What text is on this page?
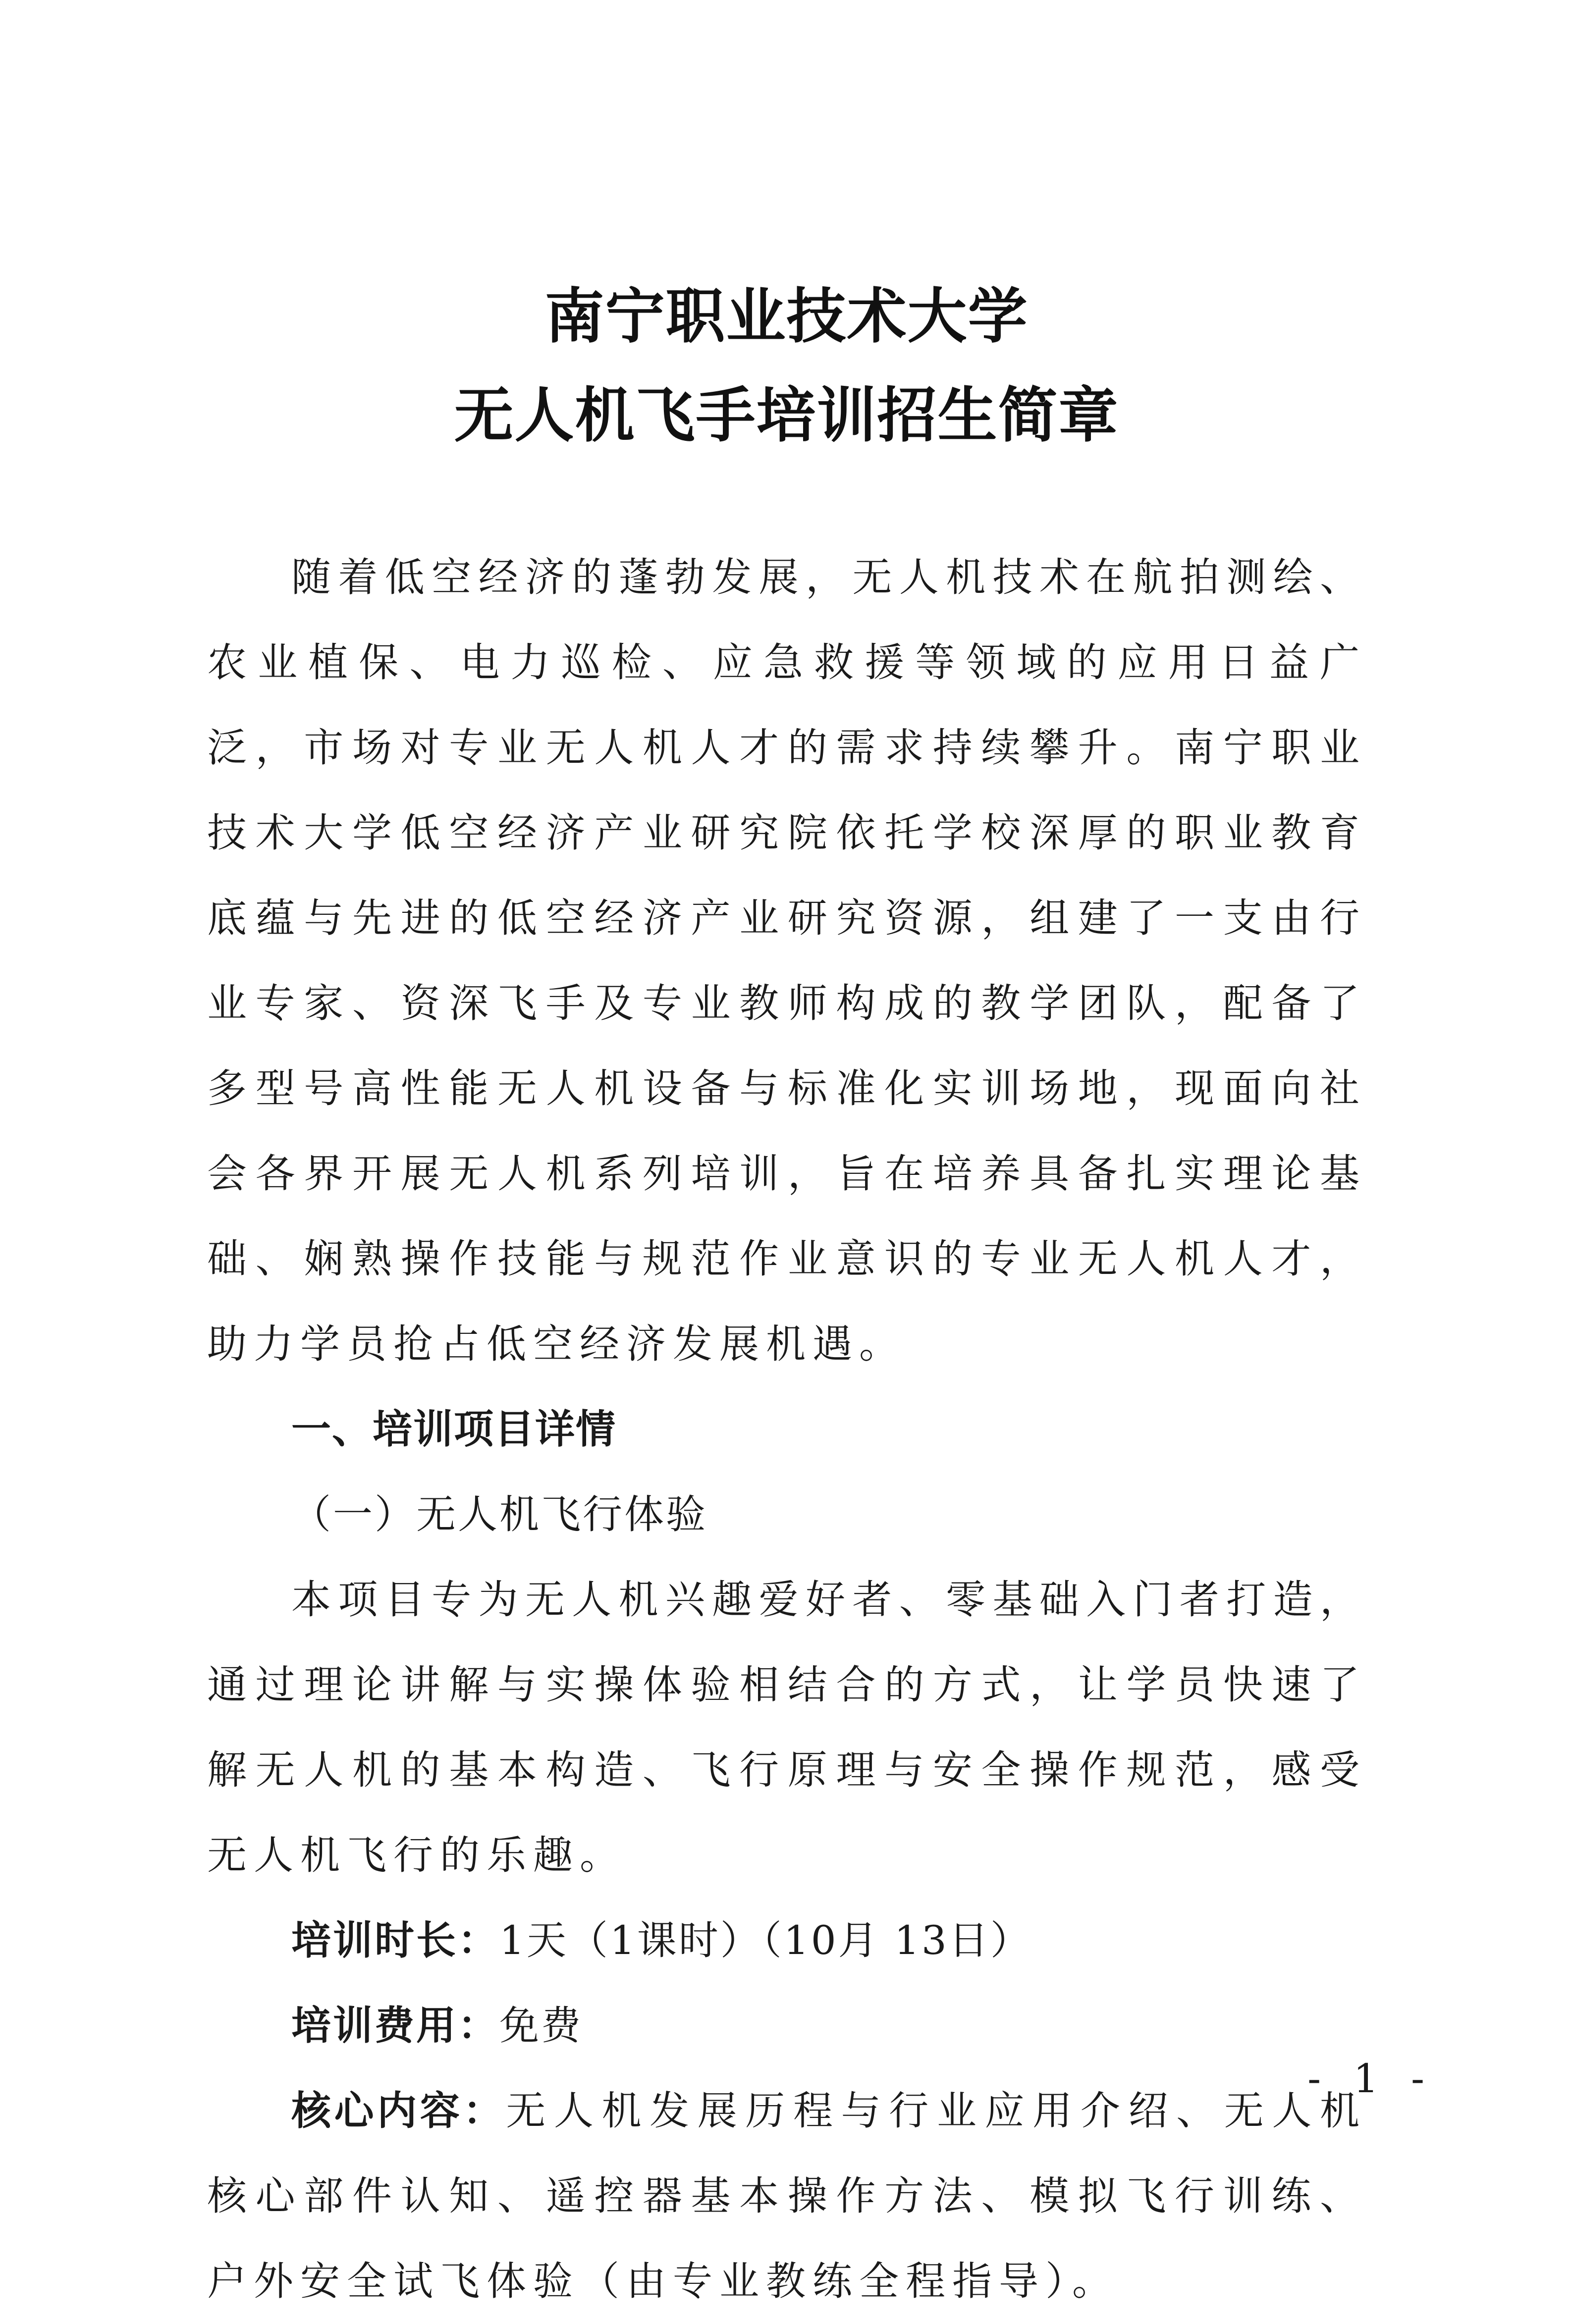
南宁职业技术大学
无人机飞手培训招生简章

随着低空经济的蓬勃发展，无人机技术在航拍测绘、农业植保、电力巡检、应急救援等领域的应用日益广泛，市场对专业无人机人才的需求持续攀升。南宁职业技术大学低空经济产业研究院依托学校深厚的职业教育底蕴与先进的低空经济产业研究资源，组建了一支由行业专家、资深飞手及专业教师构成的教学团队，配备了多型号高性能无人机设备与标准化实训场地，现面向社会各界开展无人机系列培训，旨在培养具备扎实理论基础、娴熟操作技能与规范作业意识的专业无人机人才，助力学员抢占低空经济发展机遇。

一、培训项目详情

（一）无人机飞行体验

本项目专为无人机兴趣爱好者、零基础入门者打造，通过理论讲解与实操体验相结合的方式，让学员快速了解无人机的基本构造、飞行原理与安全操作规范，感受无人机飞行的乐趣。

培训时长：1天（1课时）（10月 13日）

培训费用：免费

核心内容：无人机发展历程与行业应用介绍、无人机核心部件认知、遥控器基本操作方法、模拟飞行训练、户外安全试飞体验（由专业教练全程指导）。

- 1 -
